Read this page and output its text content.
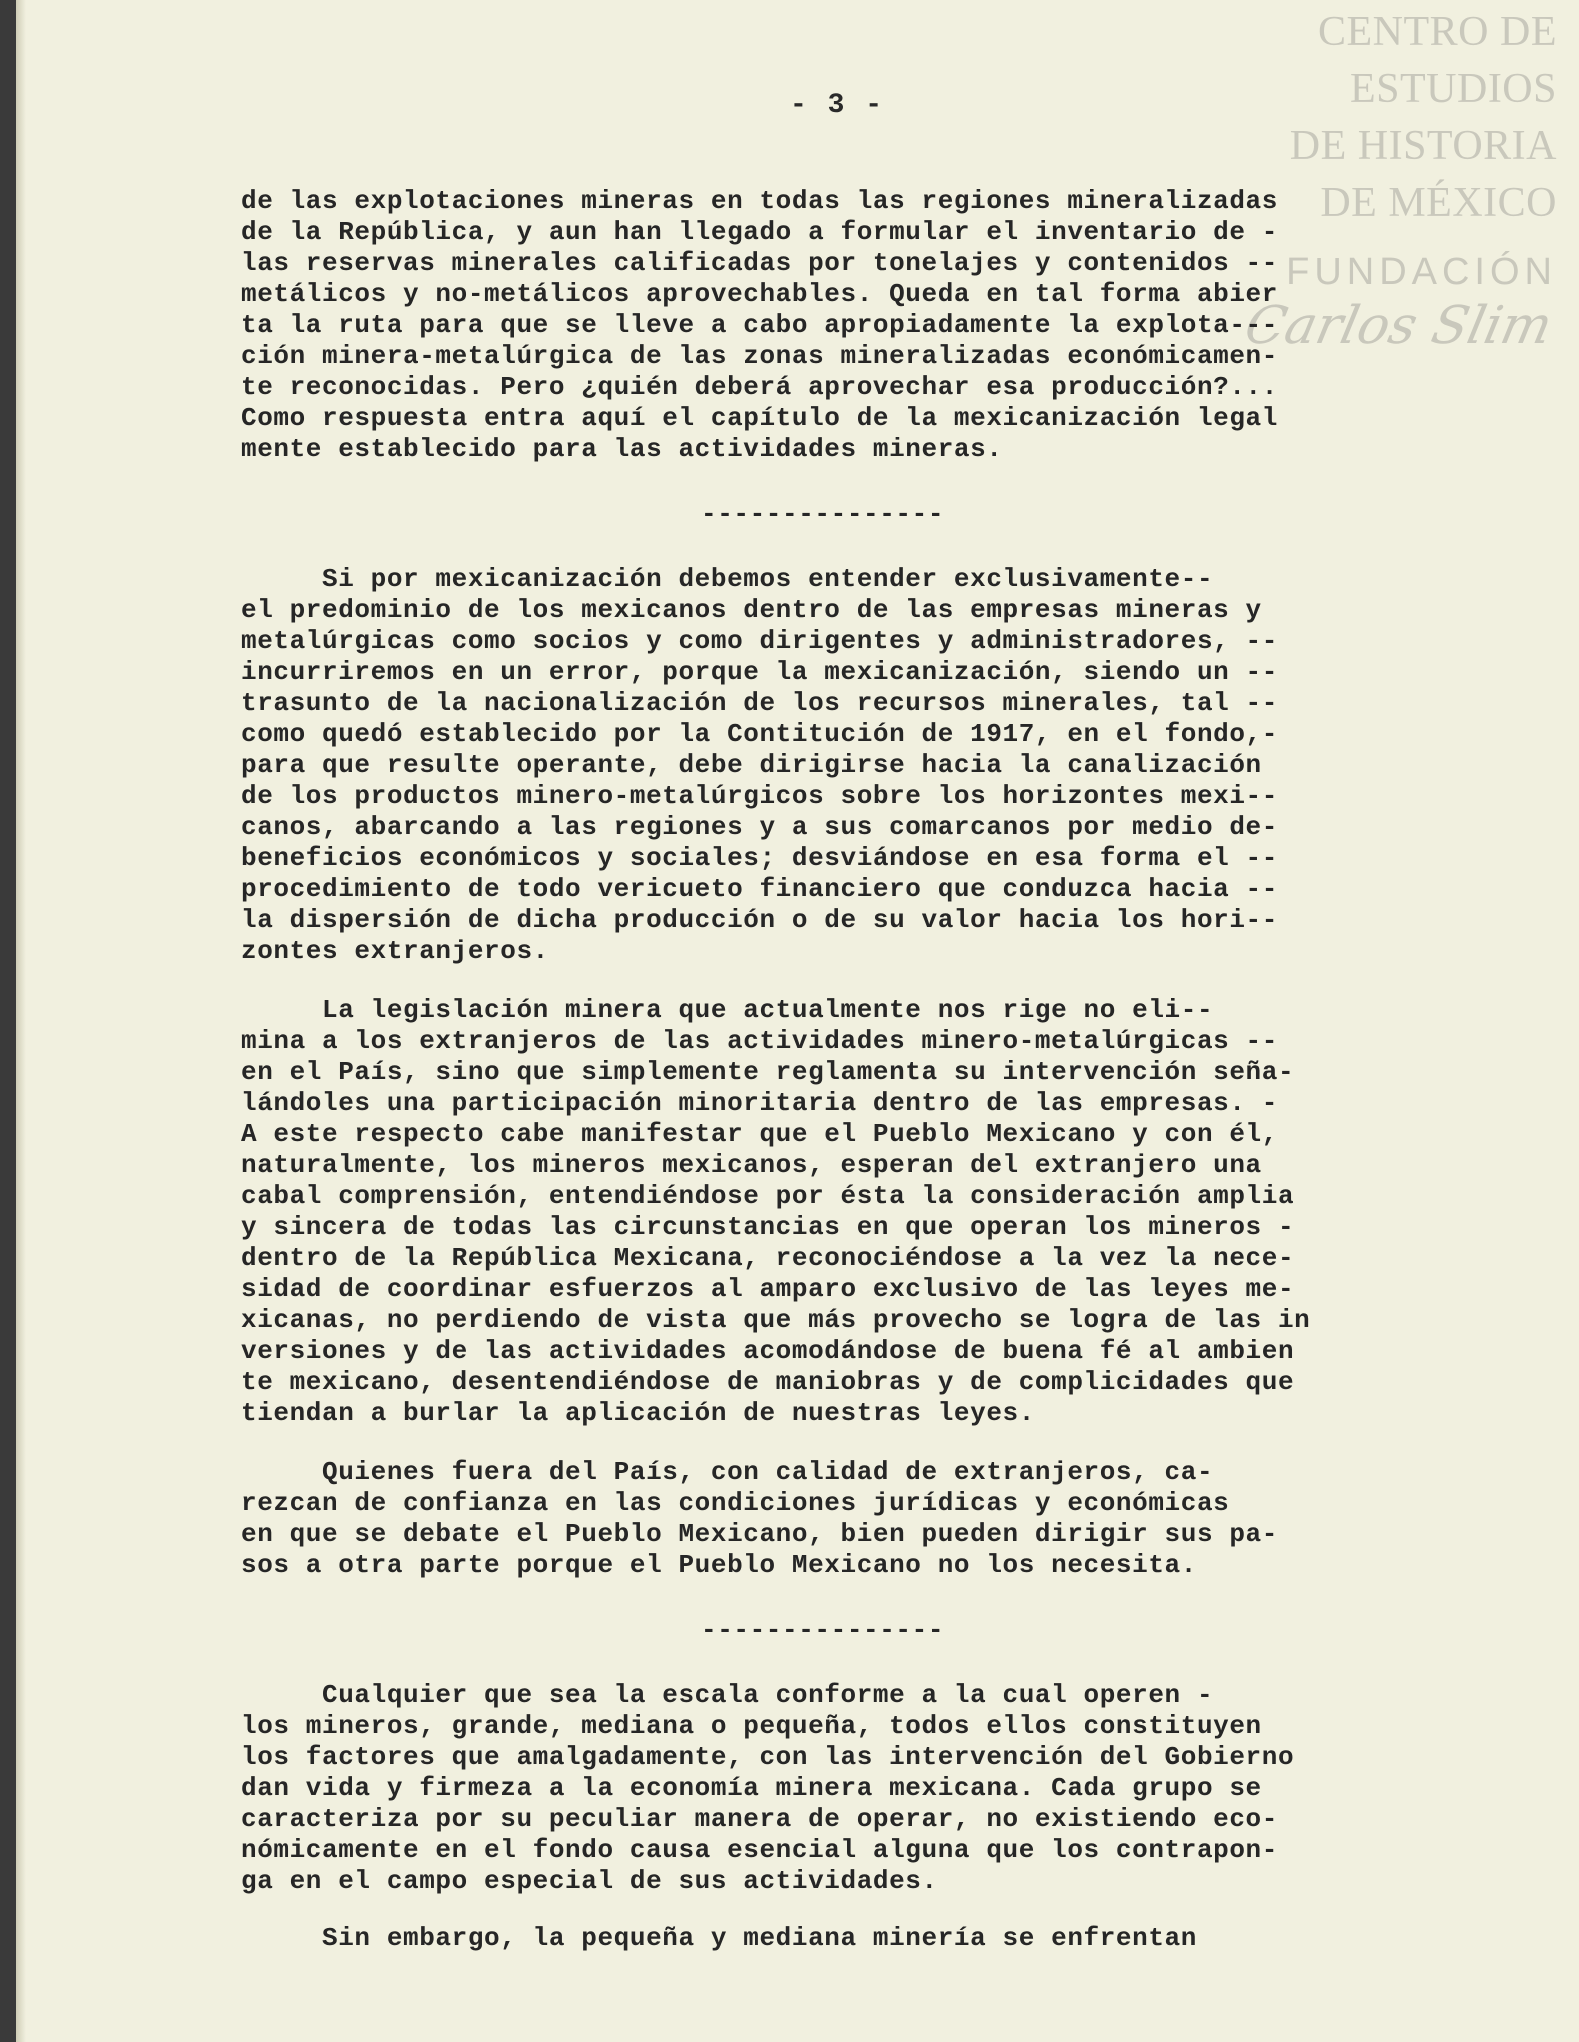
CENTRO DE
ESTUDIOS
DE HISTORIA
DE MÉXICO
FUNDACIÓN
Carlos Slim
- 3 -
de las explotaciones mineras en todas las regiones mineralizadas
de la República, y aun han llegado a formular el inventario de -
las reservas minerales calificadas por tonelajes y contenidos --
metálicos y no-metálicos aprovechables. Queda en tal forma abier
ta la ruta para que se lleve a cabo apropiadamente la explota---
ción minera-metalúrgica de las zonas mineralizadas económicamen-
te reconocidas. Pero ¿quién deberá aprovechar esa producción?...
Como respuesta entra aquí el capítulo de la mexicanización legal
mente establecido para las actividades mineras.
---------------
Si por mexicanización debemos entender exclusivamente--
el predominio de los mexicanos dentro de las empresas mineras y
metalúrgicas como socios y como dirigentes y administradores, --
incurriremos en un error, porque la mexicanización, siendo un --
trasunto de la nacionalización de los recursos minerales, tal --
como quedó establecido por la Contitución de 1917, en el fondo,-
para que resulte operante, debe dirigirse hacia la canalización
de los productos minero-metalúrgicos sobre los horizontes mexi--
canos, abarcando a las regiones y a sus comarcanos por medio de-
beneficios económicos y sociales; desviándose en esa forma el --
procedimiento de todo vericueto financiero que conduzca hacia --
la dispersión de dicha producción o de su valor hacia los hori--
zontes extranjeros.
La legislación minera que actualmente nos rige no eli--
mina a los extranjeros de las actividades minero-metalúrgicas --
en el País, sino que simplemente reglamenta su intervención seña-
lándoles una participación minoritaria dentro de las empresas. -
A este respecto cabe manifestar que el Pueblo Mexicano y con él,
naturalmente, los mineros mexicanos, esperan del extranjero una
cabal comprensión, entendiéndose por ésta la consideración amplia
y sincera de todas las circunstancias en que operan los mineros -
dentro de la República Mexicana, reconociéndose a la vez la nece-
sidad de coordinar esfuerzos al amparo exclusivo de las leyes me-
xicanas, no perdiendo de vista que más provecho se logra de las in
versiones y de las actividades acomodándose de buena fé al ambien
te mexicano, desentendiéndose de maniobras y de complicidades que
tiendan a burlar la aplicación de nuestras leyes.
Quienes fuera del País, con calidad de extranjeros, ca-
rezcan de confianza en las condiciones jurídicas y económicas
en que se debate el Pueblo Mexicano, bien pueden dirigir sus pa-
sos a otra parte porque el Pueblo Mexicano no los necesita.
---------------
Cualquier que sea la escala conforme a la cual operen -
los mineros, grande, mediana o pequeña, todos ellos constituyen
los factores que amalgadamente, con las intervención del Gobierno
dan vida y firmeza a la economía minera mexicana. Cada grupo se
caracteriza por su peculiar manera de operar, no existiendo eco-
nómicamente en el fondo causa esencial alguna que los contrapon-
ga en el campo especial de sus actividades.
Sin embargo, la pequeña y mediana minería se enfrentan
